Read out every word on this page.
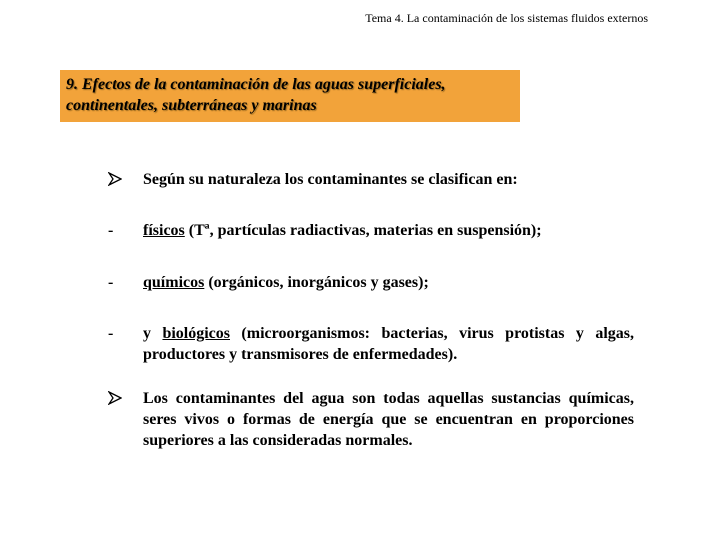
Tema 4. La contaminación de los sistemas fluidos externos
9. Efectos de la contaminación de las aguas superficiales,
continentales, subterráneas y marinas
Según su naturaleza los contaminantes se clasifican en:
-	físicos (Tª, partículas radiactivas, materias en suspensión);
-	químicos (orgánicos, inorgánicos y gases);
-	y biológicos (microorganismos: bacterias, virus protistas y algas, productores y transmisores de enfermedades).
Los contaminantes del agua son todas aquellas sustancias químicas, seres vivos o formas de energía que se encuentran en proporciones superiores a las consideradas normales.
